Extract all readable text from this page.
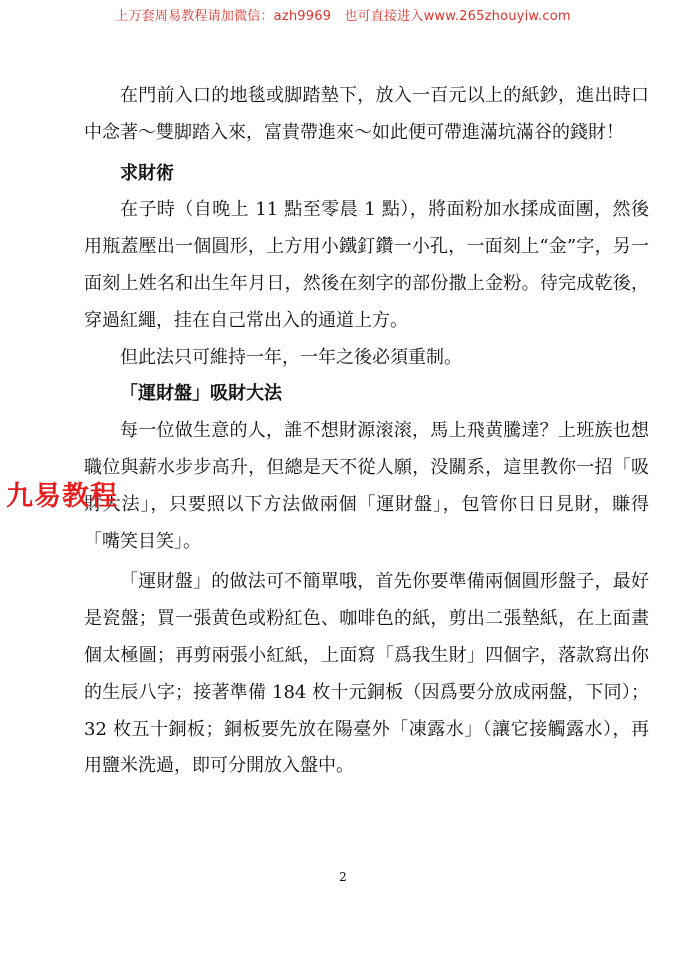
上万套周易教程请加微信：azh9969　也可直接进入www.265zhouyiw.com

在門前入口的地毯或脚踏墊下，放入一百元以上的紙鈔，進出時口中念著～雙脚踏入來，富貴帶進來～如此便可帶進滿坑滿谷的錢財！

求財術

在子時（自晚上 11 點至零晨 1 點），將面粉加水揉成面團，然後用瓶蓋壓出一個圓形，上方用小鐵釘鑽一小孔，一面刻上“金”字，另一面刻上姓名和出生年月日，然後在刻字的部份撒上金粉。待完成乾後，穿過紅繩，挂在自己常出入的通道上方。

但此法只可維持一年，一年之後必須重制。

「運財盤」吸財大法

每一位做生意的人，誰不想財源滚滚，馬上飛黄騰達？上班族也想職位與薪水步步高升，但總是天不從人願，没關系，這里教你一招「吸財大法」，只要照以下方法做兩個「運財盤」，包管你日日見財，賺得「嘴笑目笑」。

「運財盤」的做法可不簡單哦，首先你要準備兩個圓形盤子，最好是瓷盤；買一張黄色或粉紅色、咖啡色的紙，剪出二張墊紙，在上面畫個太極圖；再剪兩張小紅紙，上面寫「爲我生財」四個字，落款寫出你的生辰八字；接著準備 184 枚十元銅板（因爲要分放成兩盤，下同）；32 枚五十銅板；銅板要先放在陽臺外「凍露水」（讓它接觸露水），再用鹽米洗過，即可分開放入盤中。

九易教程
2
